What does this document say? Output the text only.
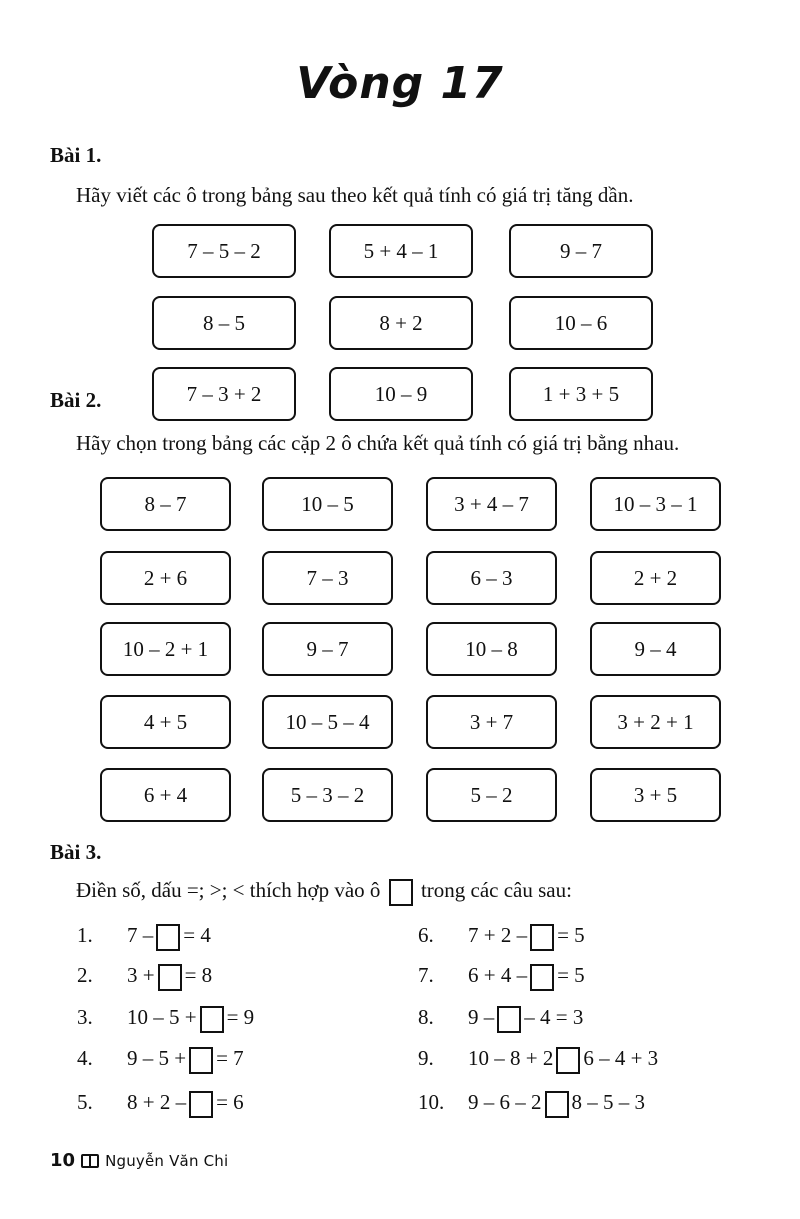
Vòng 17
Bài 1.
Hãy viết các ô trong bảng sau theo kết quả tính có giá trị tăng dần.
7 – 5 – 2	5 + 4 – 1	9 – 7
8 – 5	8 + 2	10 – 6
7 – 3 + 2	10 – 9	1 + 3 + 5
Bài 2.
Hãy chọn trong bảng các cặp 2 ô chứa kết quả tính có giá trị bằng nhau.
8 – 7	10 – 5	3 + 4 – 7	10 – 3 – 1
2 + 6	7 – 3	6 – 3	2 + 2
10 – 2 + 1	9 – 7	10 – 8	9 – 4
4 + 5	10 – 5 – 4	3 + 7	3 + 2 + 1
6 + 4	5 – 3 – 2	5 – 2	3 + 5
Bài 3.
Điền số, dấu =; >; < thích hợp vào ô trong các câu sau:
1. 7 – = 4
2. 3 + = 8
3. 10 – 5 + = 9
4. 9 – 5 + = 7
5. 8 + 2 – = 6
6. 7 + 2 – = 5
7. 6 + 4 – = 5
8. 9 – – 4 = 3
9. 10 – 8 + 2 6 – 4 + 3
10. 9 – 6 – 2 8 – 5 – 3
10 Nguyễn Văn Chi
